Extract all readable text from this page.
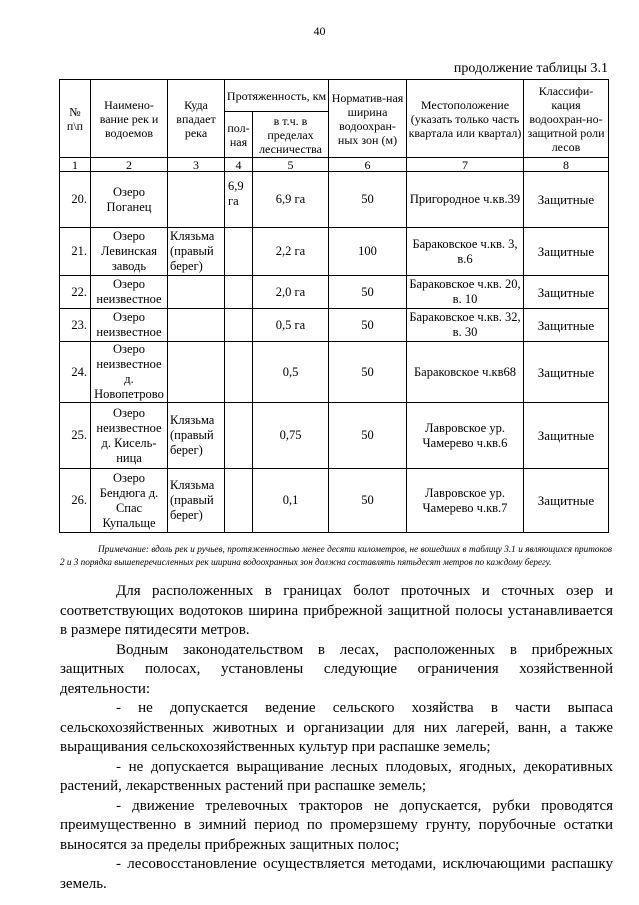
40
продолжение таблицы 3.1
№ п\п	Наимено-вание рек и водоемов	Куда впадает река	Протяженность, км		Норматив-ная ширина водоохран-ных зон (м)	Местоположение (указать только часть квартала или квартал)	Классифи-кация водоохран-но-защитной роли лесов
			пол-ная	в т.ч. в пределах лесничества			
1	2	3	4	5	6	7	8
20.	Озеро Поганец		6,9 га	6,9 га	50	Пригородное ч.кв.39	Защитные
21.	Озеро Левинская заводь	Клязьма (правый берег)		2,2 га	100	Бараковское ч.кв. 3, в.6	Защитные
22.	Озеро неизвестное			2,0 га	50	Бараковское ч.кв. 20, в. 10	Защитные
23.	Озеро неизвестное			0,5 га	50	Бараковское ч.кв. 32, в. 30	Защитные
24.	Озеро неизвестное д. Новопетрово			0,5	50	Бараковское ч.кв68	Защитные
25.	Озеро неизвестное д. Кисель-ница	Клязьма (правый берег)		0,75	50	Лавровское ур. Чамерево ч.кв.6	Защитные
26.	Озеро Бендюга д. Спас Купальще	Клязьма (правый берег)		0,1	50	Лавровское ур. Чамерево ч.кв.7	Защитные
Примечание: вдоль рек и ручьев, протяженностью менее десяти километров, не вошедших в таблицу 3.1 и являющихся притоков 2 и 3 порядка вышеперечисленных рек ширина водоохранных зон должна составлять пятьдесят метров по каждому берегу.

Для расположенных в границах болот проточных и сточных озер и соответствующих водотоков ширина прибрежной защитной полосы устанавливается в размере пятидесяти метров.

Водным законодательством в лесах, расположенных в прибрежных защитных полосах, установлены следующие ограничения хозяйственной деятельности:

- не допускается ведение сельского хозяйства в части выпаса сельскохозяйственных животных и организации для них лагерей, ванн, а также выращивания сельскохозяйственных культур при распашке земель;

- не допускается выращивание лесных плодовых, ягодных, декоративных растений, лекарственных растений при распашке земель;

- движение трелевочных тракторов не допускается, рубки проводятся преимущественно в зимний период по промерзшему грунту, порубочные остатки выносятся за пределы прибрежных защитных полос;

- лесовосстановление осуществляется методами, исключающими распашку земель.
